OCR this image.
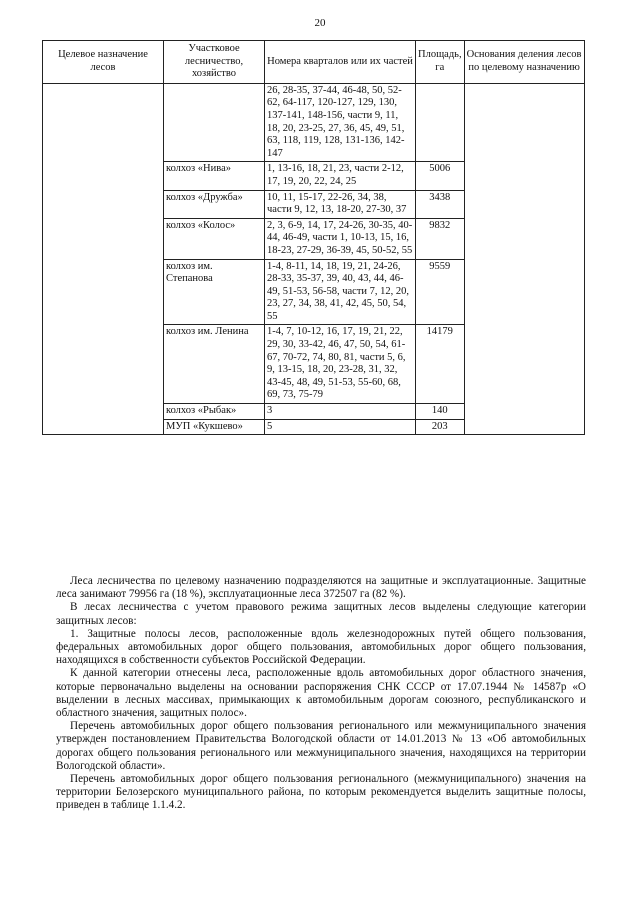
20
Целевое назначение лесов	Участковое лесничество, хозяйство	Номера кварталов или их частей	Площадь, га	Основания деления лесов по целевому назначению
		26, 28-35, 37-44, 46-48, 50, 52-62, 64-117, 120-127, 129, 130, 137-141, 148-156, части 9, 11, 18, 20, 23-25, 27, 36, 45, 49, 51, 63, 118, 119, 128, 131-136, 142-147		
	колхоз «Нива»	1, 13-16, 18, 21, 23, части 2-12, 17, 19, 20, 22, 24, 25	5006	
	колхоз «Дружба»	10, 11, 15-17, 22-26, 34, 38, части 9, 12, 13, 18-20, 27-30, 37	3438	
	колхоз «Колос»	2, 3, 6-9, 14, 17, 24-26, 30-35, 40-44, 46-49, части 1, 10-13, 15, 16, 18-23, 27-29, 36-39, 45, 50-52, 55	9832	
	колхоз им. Степанова	1-4, 8-11, 14, 18, 19, 21, 24-26, 28-33, 35-37, 39, 40, 43, 44, 46-49, 51-53, 56-58, части 7, 12, 20, 23, 27, 34, 38, 41, 42, 45, 50, 54, 55	9559	
	колхоз им. Ленина	1-4, 7, 10-12, 16, 17, 19, 21, 22, 29, 30, 33-42, 46, 47, 50, 54, 61-67, 70-72, 74, 80, 81, части 5, 6, 9, 13-15, 18, 20, 23-28, 31, 32, 43-45, 48, 49, 51-53, 55-60, 68, 69, 73, 75-79	14179	
	колхоз «Рыбак»	3	140	
	МУП «Кукшево»	5	203	

Леса лесничества по целевому назначению подразделяются на защитные и эксплуатационные. Защитные леса занимают 79956 га (18 %), эксплуатационные леса 372507 га (82 %).

В лесах лесничества с учетом правового режима защитных лесов выделены следующие категории защитных лесов:

1. Защитные полосы лесов, расположенные вдоль железнодорожных путей общего пользования, федеральных автомобильных дорог общего пользования, автомобильных дорог общего пользования, находящихся в собственности субъектов Российской Федерации.

К данной категории отнесены леса, расположенные вдоль автомобильных дорог областного значения, которые первоначально выделены на основании распоряжения СНК СССР от 17.07.1944 № 14587р «О выделении в лесных массивах, примыкающих к автомобильным дорогам союзного, республиканского и областного значения, защитных полос».

Перечень автомобильных дорог общего пользования регионального или межмуниципального значения утвержден постановлением Правительства Вологодской области от 14.01.2013 № 13 «Об автомобильных дорогах общего пользования регионального или межмуниципального значения, находящихся на территории Вологодской области».

Перечень автомобильных дорог общего пользования регионального (межмуниципального) значения на территории Белозерского муниципального района, по которым рекомендуется выделить защитные полосы, приведен в таблице 1.1.4.2.
